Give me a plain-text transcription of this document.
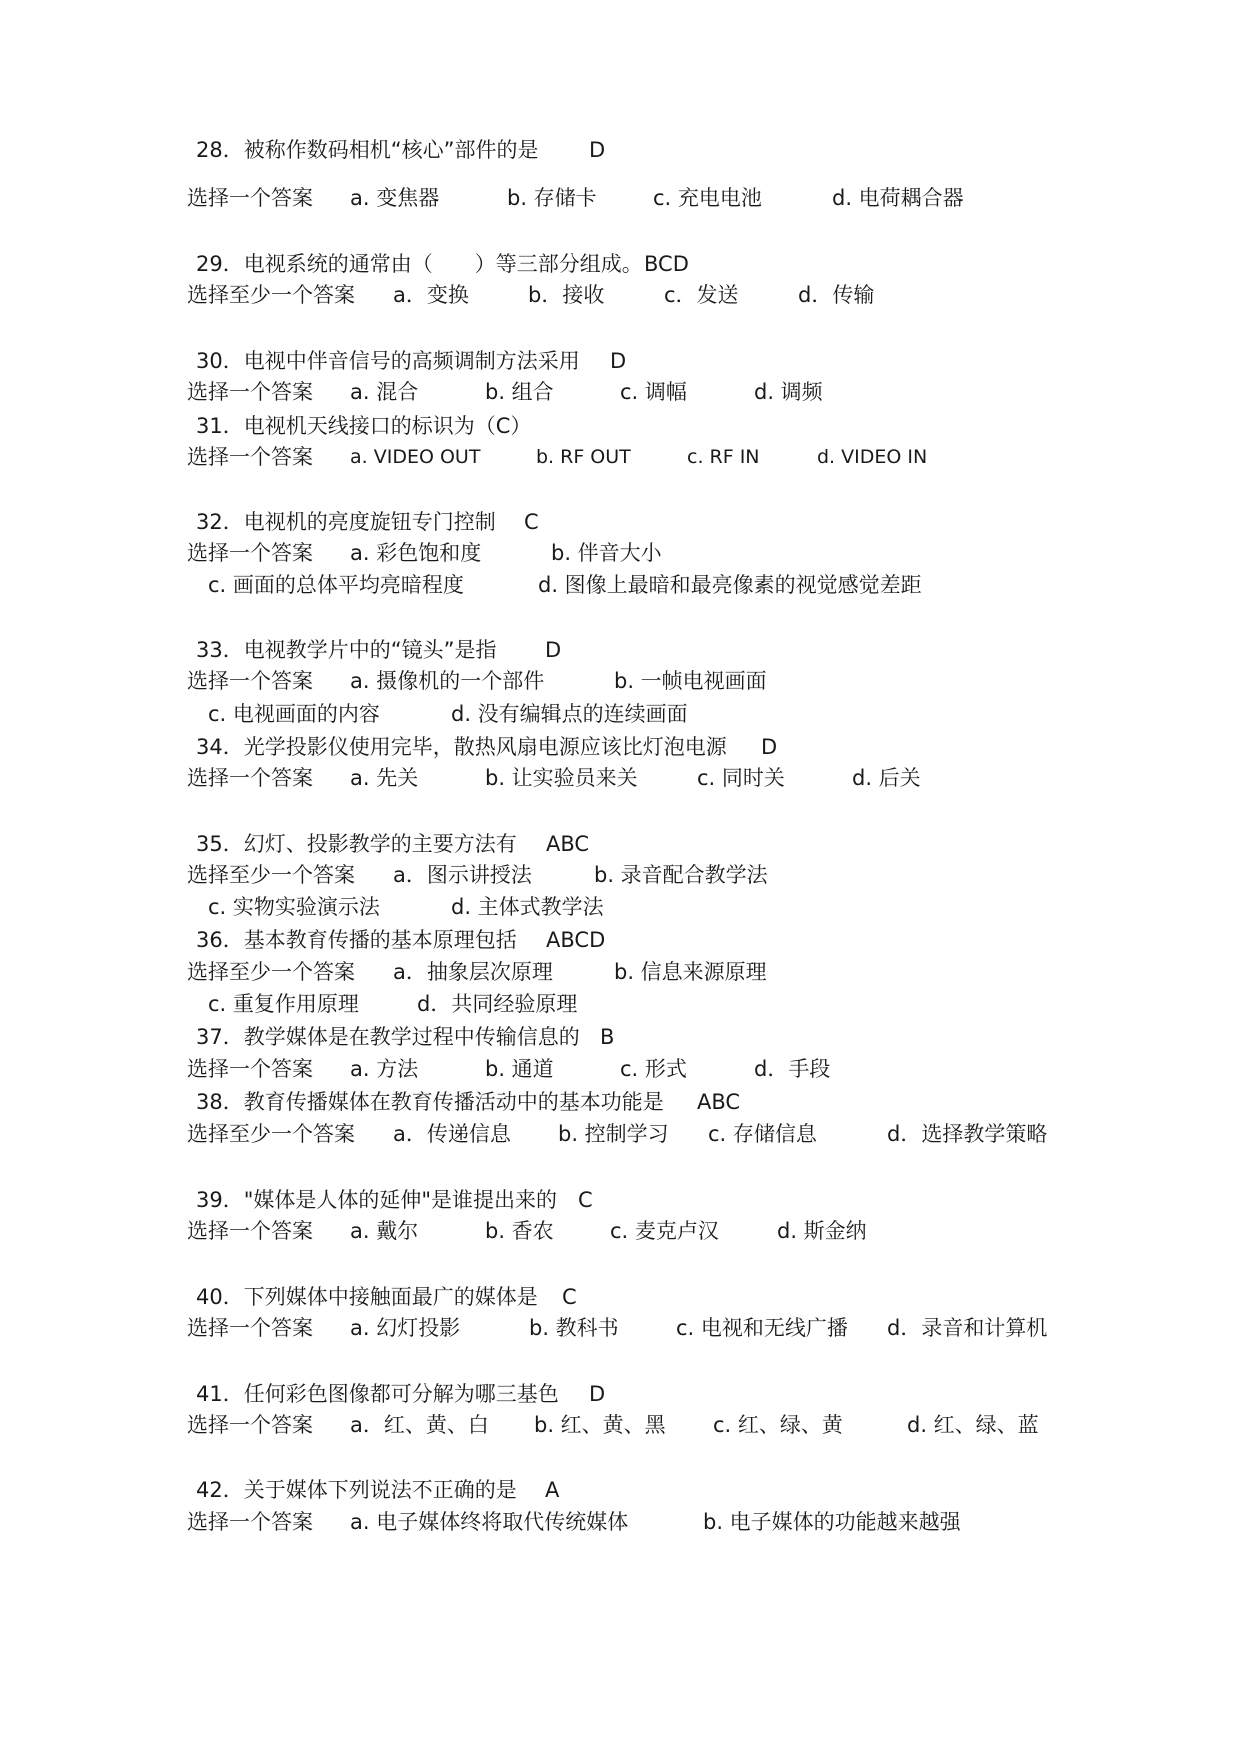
28．被称作数码相机“核心”部件的是

D

选择一个答案

a. 变焦器

	b. 存储卡

	c. 充电电池

	d. 电荷耦合器

29．电视系统的通常由（　　）等三部分组成。

BCD

选择至少一个答案

a．变换

	b．接收

	c．发送

	d．传输

30．电视中伴音信号的高频调制方法采用

D

选择一个答案

a. 混合

	b. 组合

	c. 调幅

	d. 调频

31．电视机天线接口的标识为（C）

选择一个答案

a. VIDEO OUT

	b. RF OUT

	c. RF IN

	d. VIDEO IN

32．电视机的亮度旋钮专门控制

C

选择一个答案

a. 彩色饱和度

	b. 伴音大小

c. 画面的总体平均亮暗程度

	d. 图像上最暗和最亮像素的视觉感觉差距

33．电视教学片中的“镜头”是指

D

选择一个答案

a. 摄像机的一个部件

	b. 一帧电视画面

c. 电视画面的内容

	d. 没有编辑点的连续画面

34．光学投影仪使用完毕，散热风扇电源应该比灯泡电源

D

选择一个答案

a. 先关

	b. 让实验员来关

	c. 同时关

	d. 后关

35．幻灯、投影教学的主要方法有

ABC

选择至少一个答案

a．图示讲授法

	b. 录音配合教学法

c. 实物实验演示法

	d. 主体式教学法

36．基本教育传播的基本原理包括

ABCD

选择至少一个答案

a．抽象层次原理

	b. 信息来源原理

c. 重复作用原理

	d．共同经验原理

37．教学媒体是在教学过程中传输信息的

B

选择一个答案

a. 方法

	b. 通道

	c. 形式

	d．手段

38．教育传播媒体在教育传播活动中的基本功能是

ABC

选择至少一个答案

a．传递信息

b. 控制学习

c. 存储信息

	d．选择教学策略

39．"媒体是人体的延伸"是谁提出来的

C

选择一个答案

a. 戴尔

	b. 香农

	c. 麦克卢汉

	d. 斯金纳

40．下列媒体中接触面最广的媒体是

C

选择一个答案

a. 幻灯投影

	b. 教科书

	c. 电视和无线广播

d．录音和计算机

41．任何彩色图像都可分解为哪三基色

D

选择一个答案

a．红、黄、白

b. 红、黄、黑

c. 红、绿、黄

	d. 红、绿、蓝

42．关于媒体下列说法不正确的是

A

选择一个答案

a. 电子媒体终将取代传统媒体

	b. 电子媒体的功能越来越强
